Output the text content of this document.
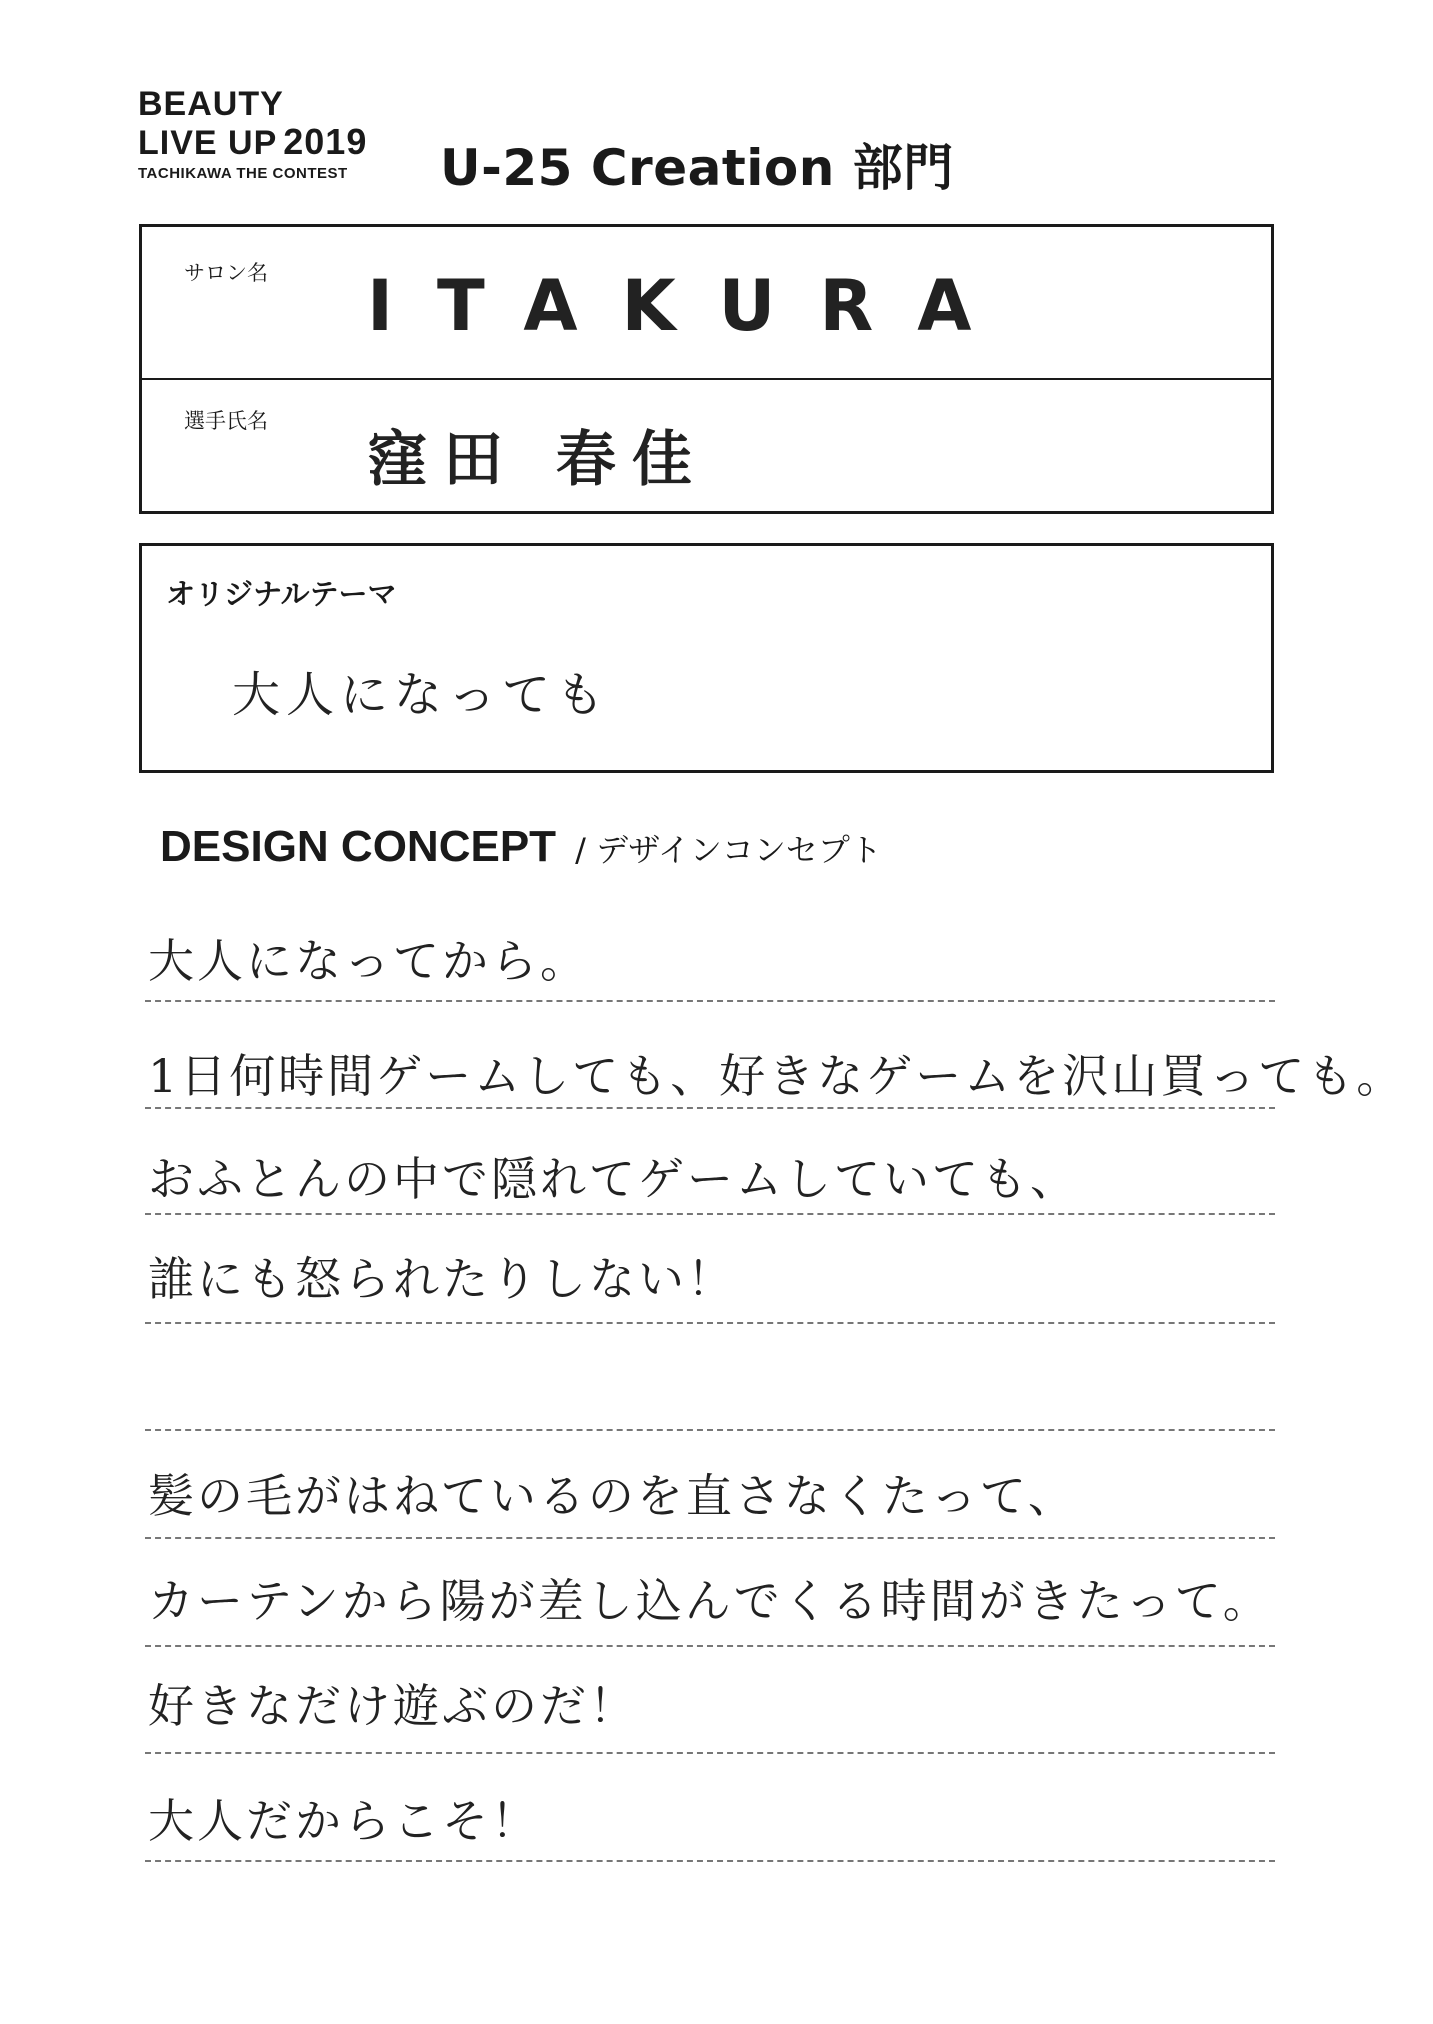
BEAUTY
LIVE UP 2019
TACHIKAWA THE CONTEST	U-25 Creation 部門
サロン名 ITAKURA
選手氏名
窪田 春佳
オリジナルテーマ
大人になっても
DESIGN CONCEPT / デザインコンセプト
大人になってから。
1日何時間ゲームしても、好きなゲームを沢山買っても。
おふとんの中で隠れてゲームしていても、
誰にも怒られたりしない！
髪の毛がはねているのを直さなくたって、
カーテンから陽が差し込んでくる時間がきたって。
好きなだけ遊ぶのだ！
大人だからこそ！
